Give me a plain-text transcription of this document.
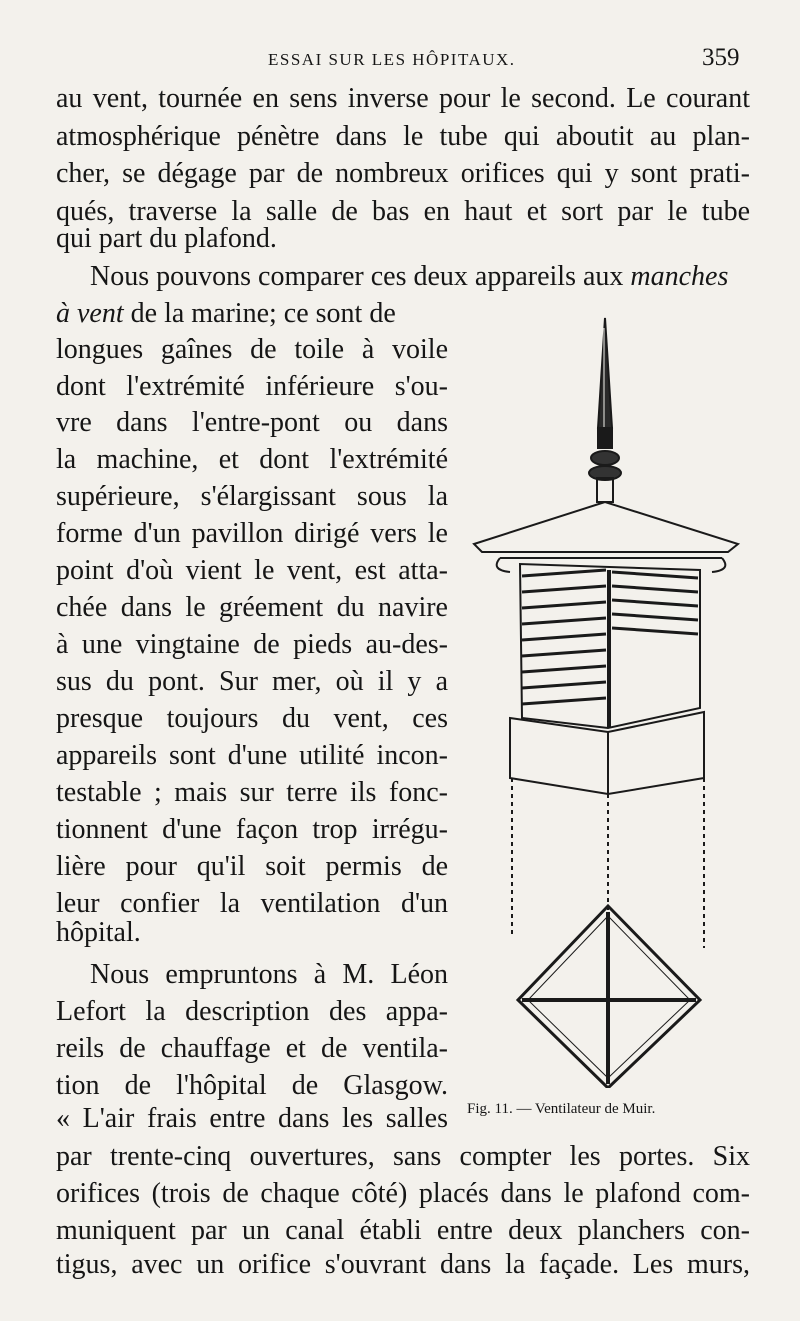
ESSAI SUR LES HÔPITAUX.	359
au vent, tournée en sens inverse pour le second. Le courant
atmosphérique pénètre dans le tube qui aboutit au plan-
cher, se dégage par de nombreux orifices qui y sont prati-
qués, traverse la salle de bas en haut et sort par le tube
qui part du plafond.
Nous pouvons comparer ces deux appareils aux manches
à vent de la marine; ce sont de
longues gaînes de toile à voile
dont l'extrémité inférieure s'ou-
vre dans l'entre-pont ou dans
la machine, et dont l'extrémité
supérieure, s'élargissant sous la
forme d'un pavillon dirigé vers le
point d'où vient le vent, est atta-
chée dans le gréement du navire
à une vingtaine de pieds au-des-
sus du pont. Sur mer, où il y a
presque toujours du vent, ces
appareils sont d'une utilité incon-
testable ; mais sur terre ils fonc-
tionnent d'une façon trop irrégu-
lière pour qu'il soit permis de
leur confier la ventilation d'un
hôpital.
Nous empruntons à M. Léon
Lefort la description des appa-
reils de chauffage et de ventila-
tion de l'hôpital de Glasgow.
« L'air frais entre dans les salles
par trente-cinq ouvertures, sans compter les portes. Six
orifices (trois de chaque côté) placés dans le plafond com-
muniquent par un canal établi entre deux planchers con-
tigus, avec un orifice s'ouvrant dans la façade. Les murs,
Fig. 11. — Ventilateur de Muir.
